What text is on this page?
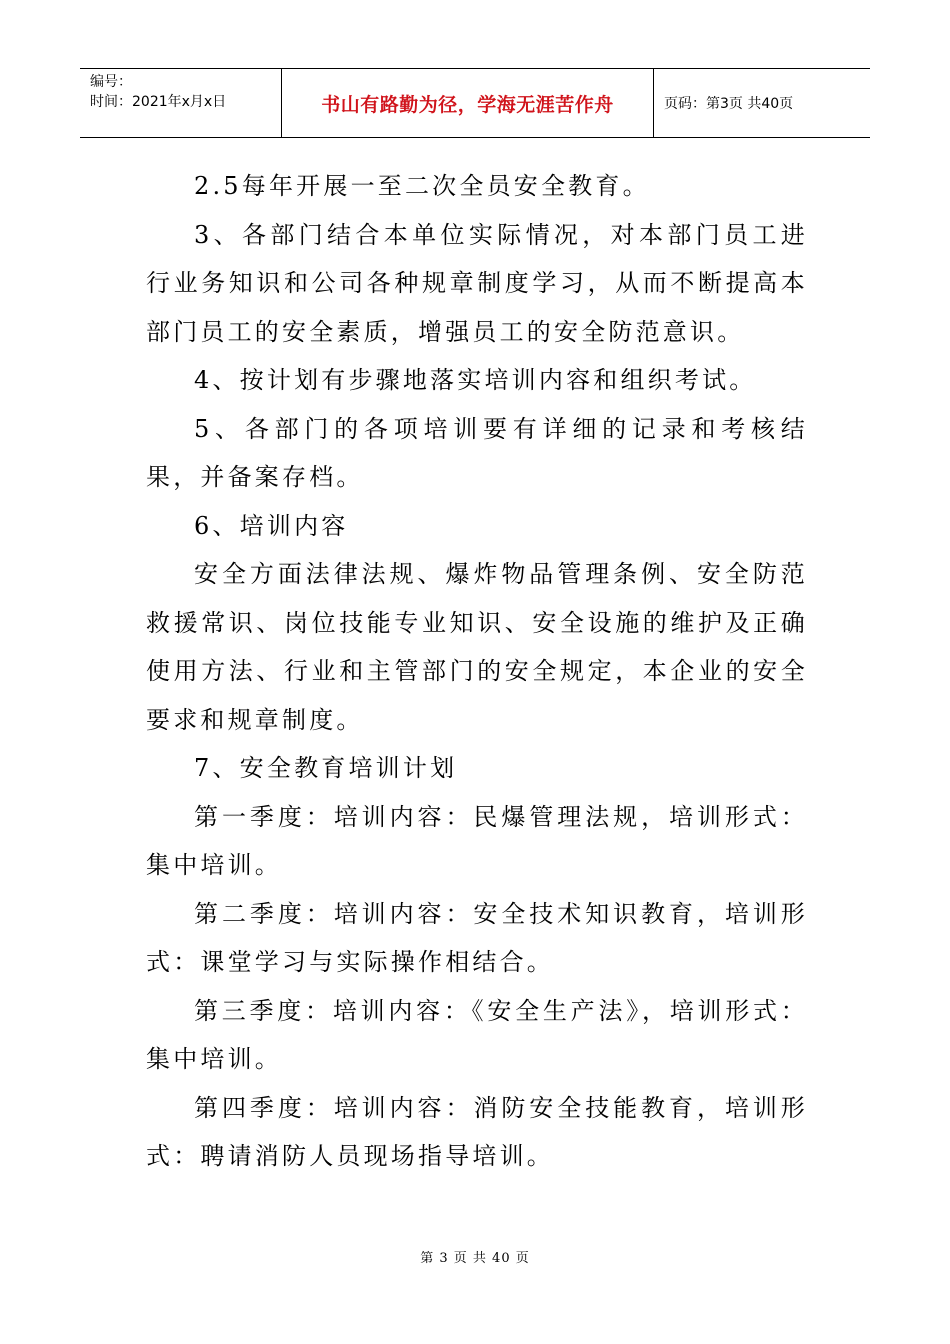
编号：
时间：2021年x月x日	书山有路勤为径，学海无涯苦作舟	页码：第3页 共40页

2.5每年开展一至二次全员安全教育。

3、各部门结合本单位实际情况，对本部门员工进行业务知识和公司各种规章制度学习，从而不断提高本部门员工的安全素质，增强员工的安全防范意识。

4、按计划有步骤地落实培训内容和组织考试。

5、各部门的各项培训要有详细的记录和考核结果，并备案存档。

6、培训内容

安全方面法律法规、爆炸物品管理条例、安全防范救援常识、岗位技能专业知识、安全设施的维护及正确使用方法、行业和主管部门的安全规定，本企业的安全要求和规章制度。

7、安全教育培训计划

第一季度：培训内容：民爆管理法规，培训形式：集中培训。

第二季度：培训内容：安全技术知识教育，培训形式：课堂学习与实际操作相结合。

第三季度：培训内容：《安全生产法》，培训形式：集中培训。

第四季度：培训内容：消防安全技能教育，培训形式：聘请消防人员现场指导培训。

第 3 页 共 40 页
